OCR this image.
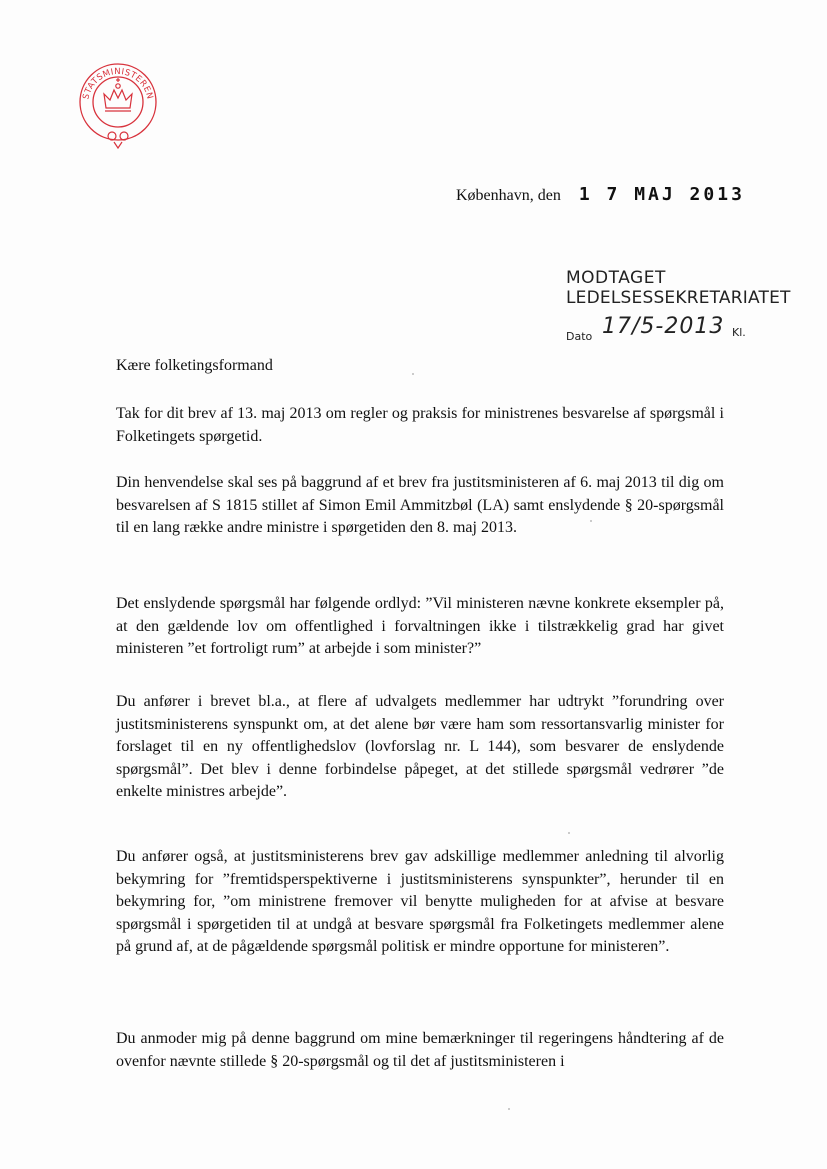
STATSMINISTEREN
København, den 1 7 MAJ 2013
MODTAGET
LEDELSESSEKRETARIATET
Dato 17/5-2013 Kl.
Kære folketingsformand
Tak for dit brev af 13. maj 2013 om regler og praksis for ministrenes besvarelse af spørgsmål i Folketingets spørgetid.
Din henvendelse skal ses på baggrund af et brev fra justitsministeren af 6. maj 2013 til dig om besvarelsen af S 1815 stillet af Simon Emil Ammitzbøl (LA) samt enslydende § 20-spørgsmål til en lang række andre ministre i spørgetiden den 8. maj 2013.
Det enslydende spørgsmål har følgende ordlyd: ”Vil ministeren nævne konkrete eksempler på, at den gældende lov om offentlighed i forvaltningen ikke i tilstrækkelig grad har givet ministeren ”et fortroligt rum” at arbejde i som minister?”
Du anfører i brevet bl.a., at flere af udvalgets medlemmer har udtrykt ”forundring over justitsministerens synspunkt om, at det alene bør være ham som ressortansvarlig minister for forslaget til en ny offentlighedslov (lovforslag nr. L 144), som besvarer de enslydende spørgsmål”. Det blev i denne forbindelse påpeget, at det stillede spørgsmål vedrører ”de enkelte ministres arbejde”.
Du anfører også, at justitsministerens brev gav adskillige medlemmer anledning til alvorlig bekymring for ”fremtidsperspektiverne i justitsministerens synspunkter”, herunder til en bekymring for, ”om ministrene fremover vil benytte muligheden for at afvise at besvare spørgsmål i spørgetiden til at undgå at besvare spørgsmål fra Folketingets medlemmer alene på grund af, at de pågældende spørgsmål politisk er mindre opportune for ministeren”.
Du anmoder mig på denne baggrund om mine bemærkninger til regeringens håndtering af de ovenfor nævnte stillede § 20-spørgsmål og til det af justitsministeren i
